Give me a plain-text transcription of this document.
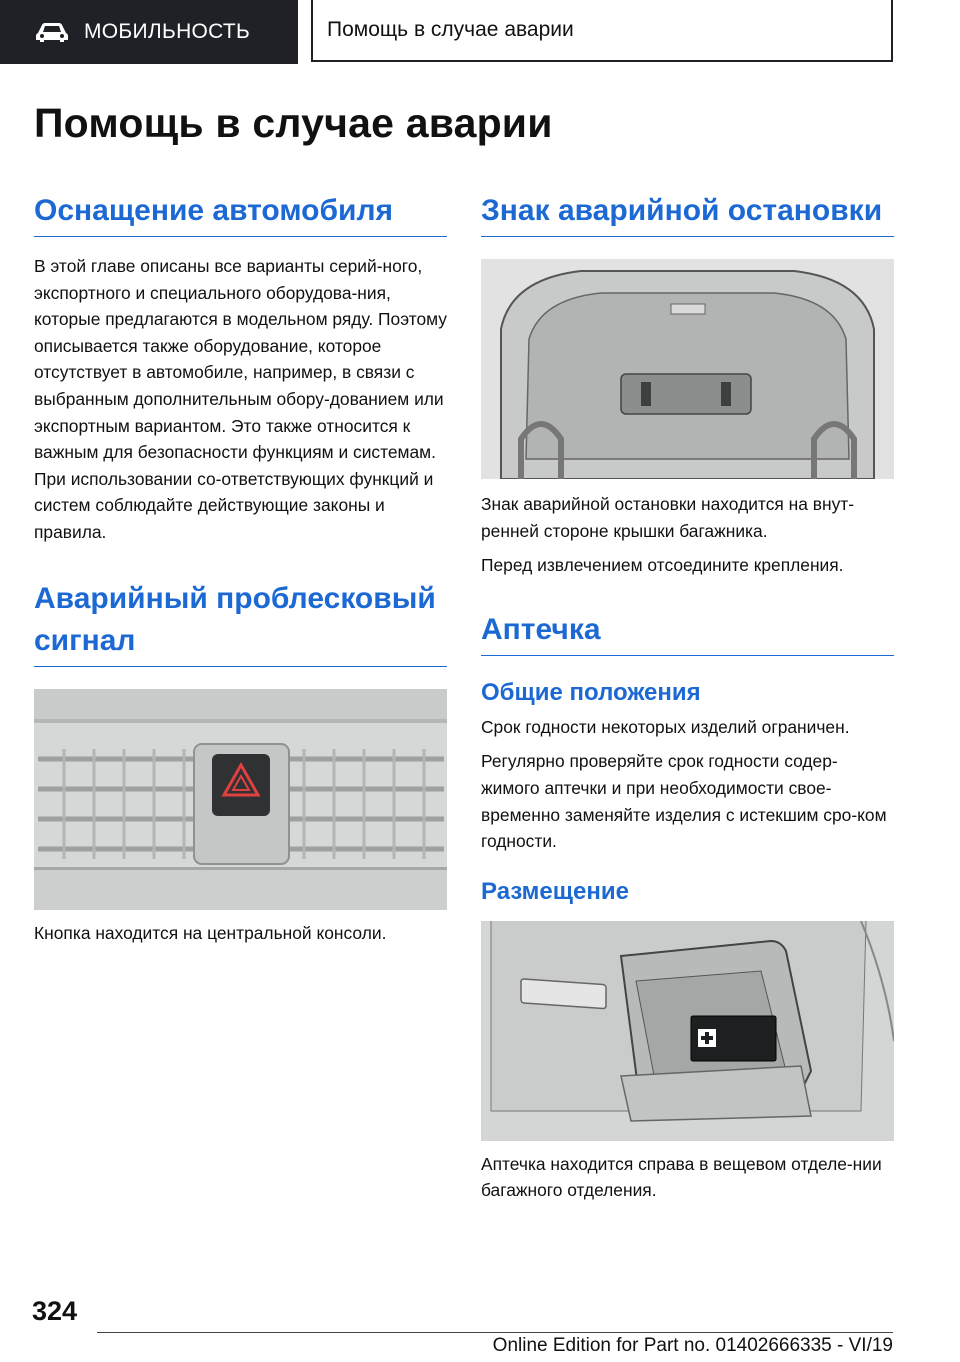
МОБИЛЬНОСТЬ	Помощь в случае аварии
Помощь в случае аварии
Оснащение автомобиля

В этой главе описаны все варианты серий-ного, экспортного и специального оборудова-ния, которые предлагаются в модельном ряду. Поэтому описывается также оборудование, которое отсутствует в автомобиле, например, в связи с выбранным дополнительным обору-дованием или экспортным вариантом. Это также относится к важным для безопасности функциям и системам. При использовании со-ответствующих функций и систем соблюдайте действующие законы и правила.

Аварийный проблесковый сигнал

Кнопка находится на центральной консоли.

Знак аварийной остановки

Знак аварийной остановки находится на внут-ренней стороне крышки багажника.

Перед извлечением отсоедините крепления.

Аптечка
Общие положения

Срок годности некоторых изделий ограничен.

Регулярно проверяйте срок годности содер-жимого аптечки и при необходимости свое-временно заменяйте изделия с истекшим сро-ком годности.

Размещение

Аптечка находится справа в вещевом отделе-нии багажного отделения.

324
Online Edition for Part no. 01402666335 - VI/19
